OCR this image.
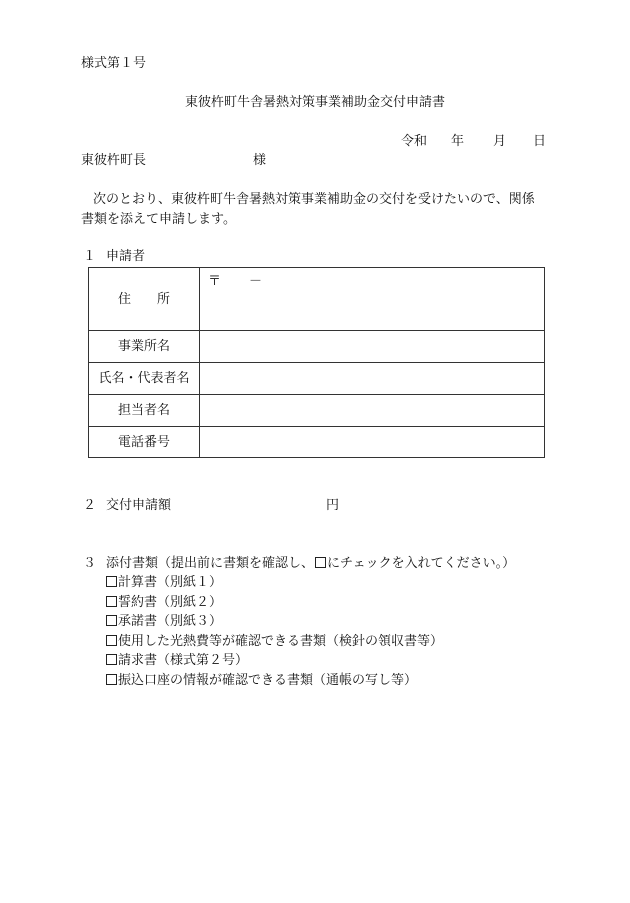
様式第１号
東彼杵町牛舎暑熱対策事業補助金交付申請書
令和 年 月 日
東彼杵町長	様
次のとおり、東彼杵町牛舎暑熱対策事業補助金の交付を受けたいので、関係
書類を添えて申請します。
１ 申請者
住 所	〒 －

事業所名	
氏名・代表者名	
担当者名	
電話番号	
２ 交付申請額	円
３ 添付書類（提出前に書類を確認し、 にチェックを入れてください。）
計算書（別紙１）
誓約書（別紙２）
承諾書（別紙３）
使用した光熱費等が確認できる書類（検針の領収書等）
請求書（様式第２号）
振込口座の情報が確認できる書類（通帳の写し等）
